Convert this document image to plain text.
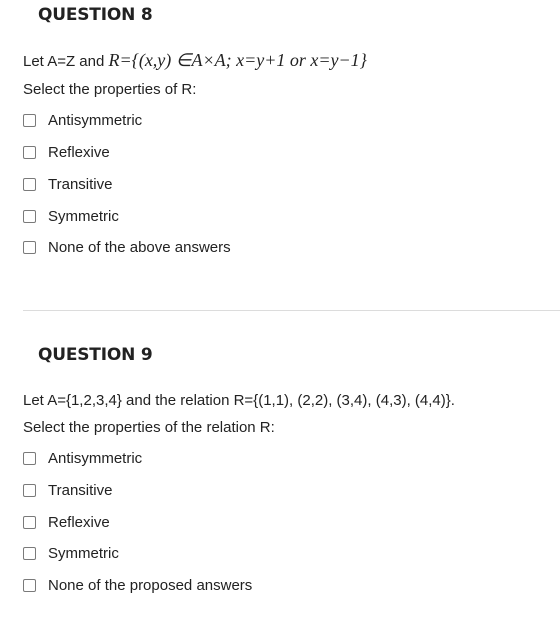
QUESTION 8
Let A=Z and R={(x,y) ∈A×A; x=y+1 or x=y−1}
Select the properties of R:
Antisymmetric
Reflexive
Transitive
Symmetric
None of the above answers
QUESTION 9
Let A={1,2,3,4} and the relation R={(1,1), (2,2), (3,4), (4,3), (4,4)}.
Select the properties of the relation R:
Antisymmetric
Transitive
Reflexive
Symmetric
None of the proposed answers
